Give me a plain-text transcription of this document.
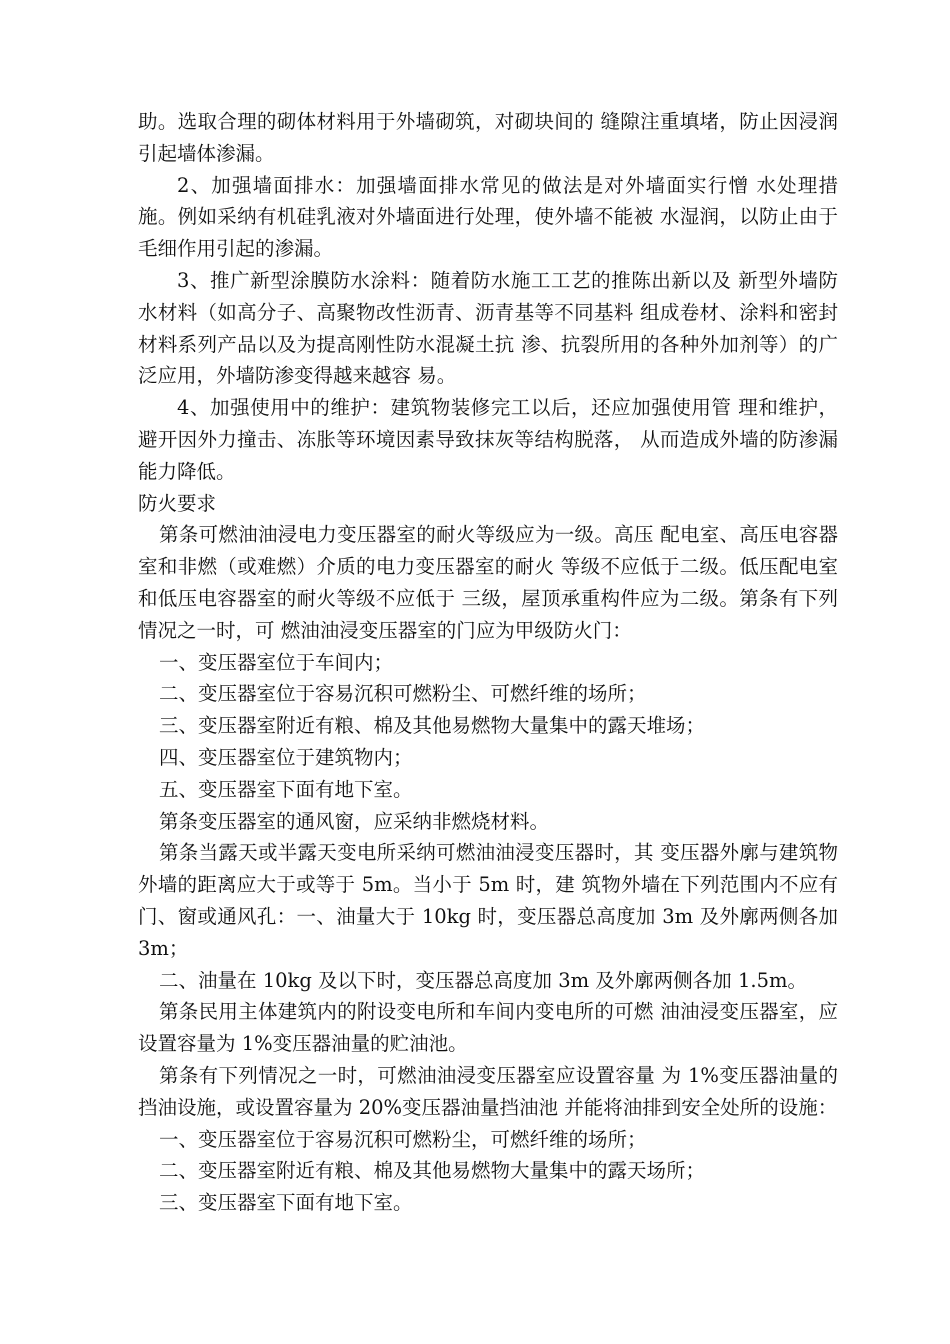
助。选取合理的砌体材料用于外墙砌筑，对砌块间的 缝隙注重填堵，防止因浸润引起墙体渗漏。

2、加强墙面排水：加强墙面排水常见的做法是对外墙面实行憎 水处理措施。例如采纳有机硅乳液对外墙面进行处理，使外墙不能被 水湿润，以防止由于毛细作用引起的渗漏。

3、推广新型涂膜防水涂料：随着防水施工工艺的推陈出新以及 新型外墙防水材料（如高分子、高聚物改性沥青、沥青基等不同基料 组成卷材、涂料和密封材料系列产品以及为提高刚性防水混凝土抗 渗、抗裂所用的各种外加剂等）的广泛应用，外墙防渗变得越来越容 易。

4、加强使用中的维护：建筑物装修完工以后，还应加强使用管 理和维护，避开因外力撞击、冻胀等环境因素导致抹灰等结构脱落， 从而造成外墙的防渗漏能力降低。

防火要求

第条可燃油油浸电力变压器室的耐火等级应为一级。高压 配电室、高压电容器室和非燃（或难燃）介质的电力变压器室的耐火 等级不应低于二级。低压配电室和低压电容器室的耐火等级不应低于 三级，屋顶承重构件应为二级。第条有下列情况之一时，可 燃油油浸变压器室的门应为甲级防火门：

一、变压器室位于车间内；

二、变压器室位于容易沉积可燃粉尘、可燃纤维的场所；

三、变压器室附近有粮、棉及其他易燃物大量集中的露天堆场；

四、变压器室位于建筑物内；

五、变压器室下面有地下室。

第条变压器室的通风窗，应采纳非燃烧材料。

第条当露天或半露天变电所采纳可燃油油浸变压器时，其 变压器外廓与建筑物外墙的距离应大于或等于 5m。当小于 5m 时，建 筑物外墙在下列范围内不应有门、窗或通风孔：一、油量大于 10kg 时，变压器总高度加 3m 及外廓两侧各加 3m；

二、油量在 10kg 及以下时，变压器总高度加 3m 及外廓两侧各加 1.5m。

第条民用主体建筑内的附设变电所和车间内变电所的可燃 油油浸变压器室，应设置容量为 1%变压器油量的贮油池。

第条有下列情况之一时，可燃油油浸变压器室应设置容量 为 1%变压器油量的挡油设施，或设置容量为 20%变压器油量挡油池 并能将油排到安全处所的设施：

一、变压器室位于容易沉积可燃粉尘，可燃纤维的场所；

二、变压器室附近有粮、棉及其他易燃物大量集中的露天场所；

三、变压器室下面有地下室。
